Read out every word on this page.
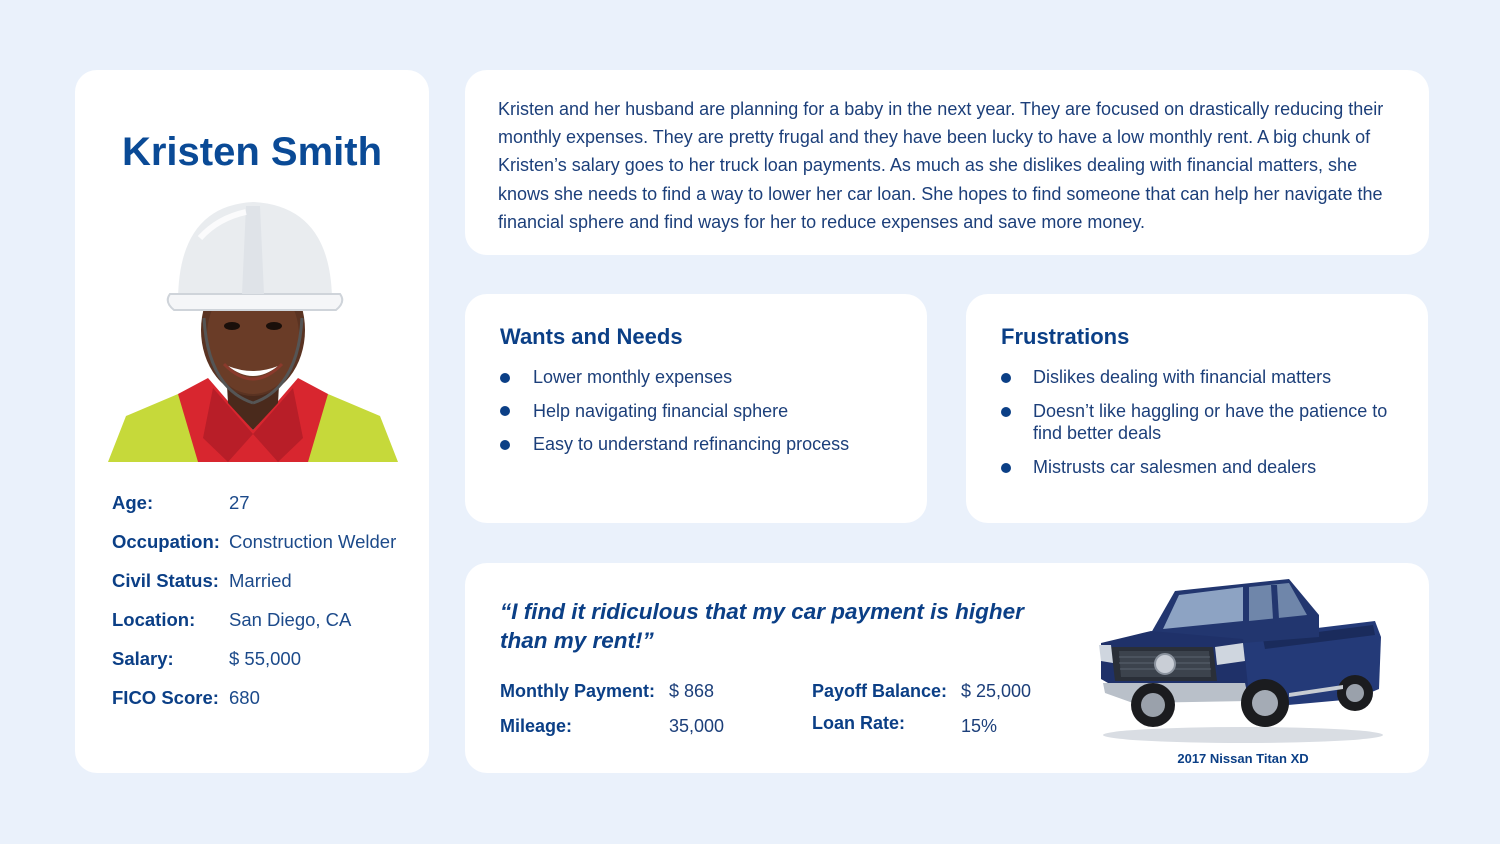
Kristen Smith
Age:	27
Occupation: Construction Welder
Civil Status: Married
Location:	San Diego, CA
Salary:	$ 55,000
FICO Score: 680

Kristen and her husband are planning for a baby in the next year. They are focused on drastically reducing their monthly expenses. They are pretty frugal and they have been lucky to have a low monthly rent. A big chunk of Kristen’s salary goes to her truck loan payments. As much as she dislikes dealing with financial matters, she knows she needs to find a way to lower her car loan. She hopes to find someone that can help her navigate the financial sphere and find ways for her to reduce expenses and save more money.

Wants and Needs
Lower monthly expenses
Help navigating financial sphere
Easy to understand refinancing process
Frustrations
Dislikes dealing with financial matters
Doesn’t like haggling or have the patience to find better deals
Mistrusts car salesmen and dealers
“I find it ridiculous that my car payment is higher than my rent!”
Monthly Payment: $ 868
Mileage:	35,000
Payoff Balance: $ 25,000
Loan Rate:	15%
2017 Nissan Titan XD
